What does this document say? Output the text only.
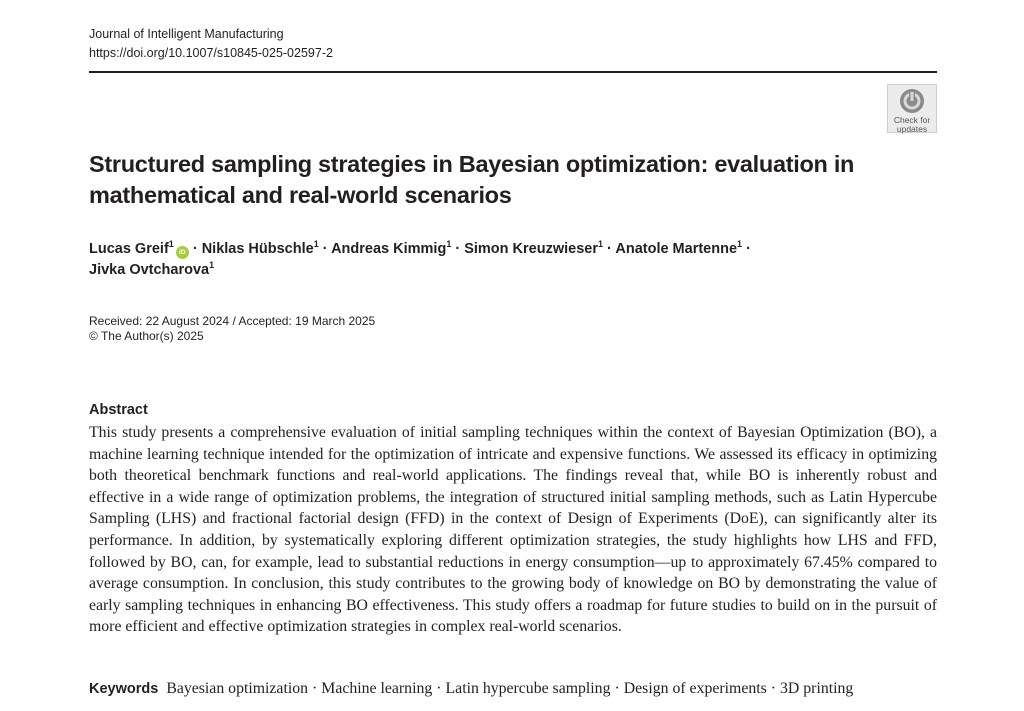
Journal of Intelligent Manufacturing
https://doi.org/10.1007/s10845-025-02597-2
Check for
updates
Structured sampling strategies in Bayesian optimization: evaluation in mathematical and real-world scenarios
Lucas Greif$^1$iD · Niklas Hübschle$^1$ · Andreas Kimmig$^1$ · Simon Kreuzwieser$^1$ · Anatole Martenne$^1$ ·
Jivka Ovtcharova$^1$
Received: 22 August 2024 / Accepted: 19 March 2025
© The Author(s) 2025
Abstract
This study presents a comprehensive evaluation of initial sampling techniques within the context of Bayesian Optimization (BO), a machine learning technique intended for the optimization of intricate and expensive functions. We assessed its efficacy in optimizing both theoretical benchmark functions and real-world applications. The findings reveal that, while BO is inherently robust and effective in a wide range of optimization problems, the integration of structured initial sampling methods, such as Latin Hypercube Sampling (LHS) and fractional factorial design (FFD) in the context of Design of Experiments (DoE), can significantly alter its performance. In addition, by systematically exploring different optimization strategies, the study highlights how LHS and FFD, followed by BO, can, for example, lead to substantial reductions in energy consumption—up to approximately 67.45% compared to average consumption. In conclusion, this study contributes to the growing body of knowledge on BO by demonstrating the value of early sampling techniques in enhancing BO effectiveness. This study offers a roadmap for future studies to build on in the pursuit of more efficient and effective optimization strategies in complex real-world scenarios.
Keywords Bayesian optimization · Machine learning · Latin hypercube sampling · Design of experiments · 3D printing
